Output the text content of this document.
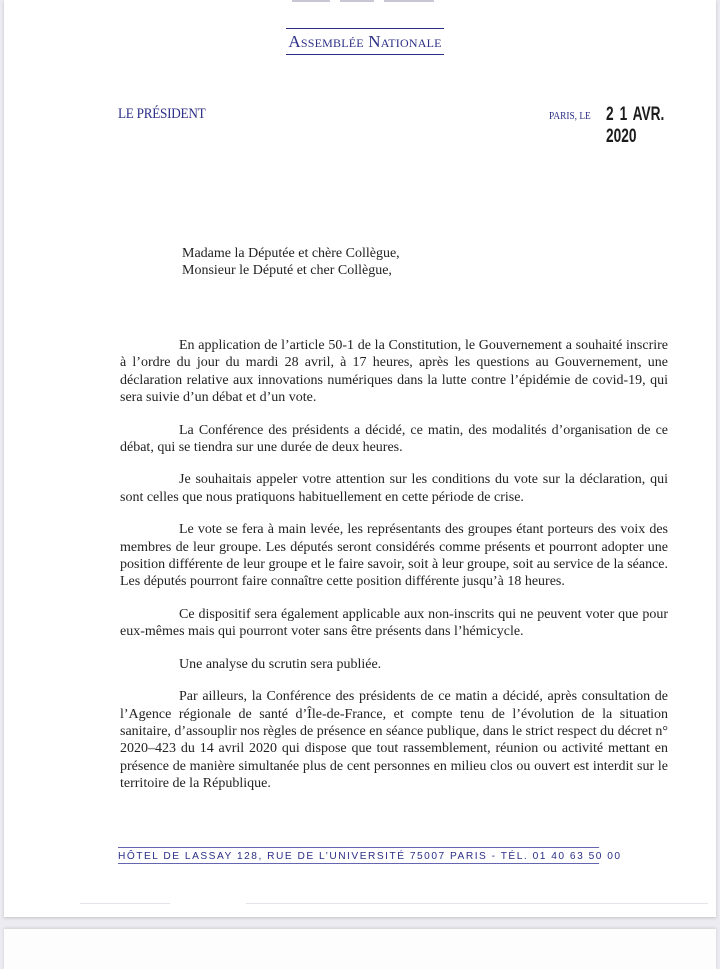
Assemblée Nationale
LE PRÉSIDENT	PARIS, LE 2 1 AVR. 2020
Madame la Députée et chère Collègue,
Monsieur le Député et cher Collègue,

En application de l’article 50-1 de la Constitution, le Gouvernement a souhaité inscrire à l’ordre du jour du mardi 28 avril, à 17 heures, après les questions au Gouvernement, une déclaration relative aux innovations numériques dans la lutte contre l’épidémie de covid-19, qui sera suivie d’un débat et d’un vote.

La Conférence des présidents a décidé, ce matin, des modalités d’organisation de ce débat, qui se tiendra sur une durée de deux heures.

Je souhaitais appeler votre attention sur les conditions du vote sur la déclaration, qui sont celles que nous pratiquons habituellement en cette période de crise.

Le vote se fera à main levée, les représentants des groupes étant porteurs des voix des membres de leur groupe. Les députés seront considérés comme présents et pourront adopter une position différente de leur groupe et le faire savoir, soit à leur groupe, soit au service de la séance. Les députés pourront faire connaître cette position différente jusqu’à 18 heures.

Ce dispositif sera également applicable aux non-inscrits qui ne peuvent voter que pour eux-mêmes mais qui pourront voter sans être présents dans l’hémicycle.

Une analyse du scrutin sera publiée.

Par ailleurs, la Conférence des présidents de ce matin a décidé, après consultation de l’Agence régionale de santé d’Île-de-France, et compte tenu de l’évolution de la situation sanitaire, d’assouplir nos règles de présence en séance publique, dans le strict respect du décret n° 2020–423 du 14 avril 2020 qui dispose que tout rassemblement, réunion ou activité mettant en présence de manière simultanée plus de cent personnes en milieu clos ou ouvert est interdit sur le territoire de la République.

HÔTEL DE LASSAY 128, RUE DE L’UNIVERSITÉ 75007 PARIS - TÉL. 01 40 63 50 00
